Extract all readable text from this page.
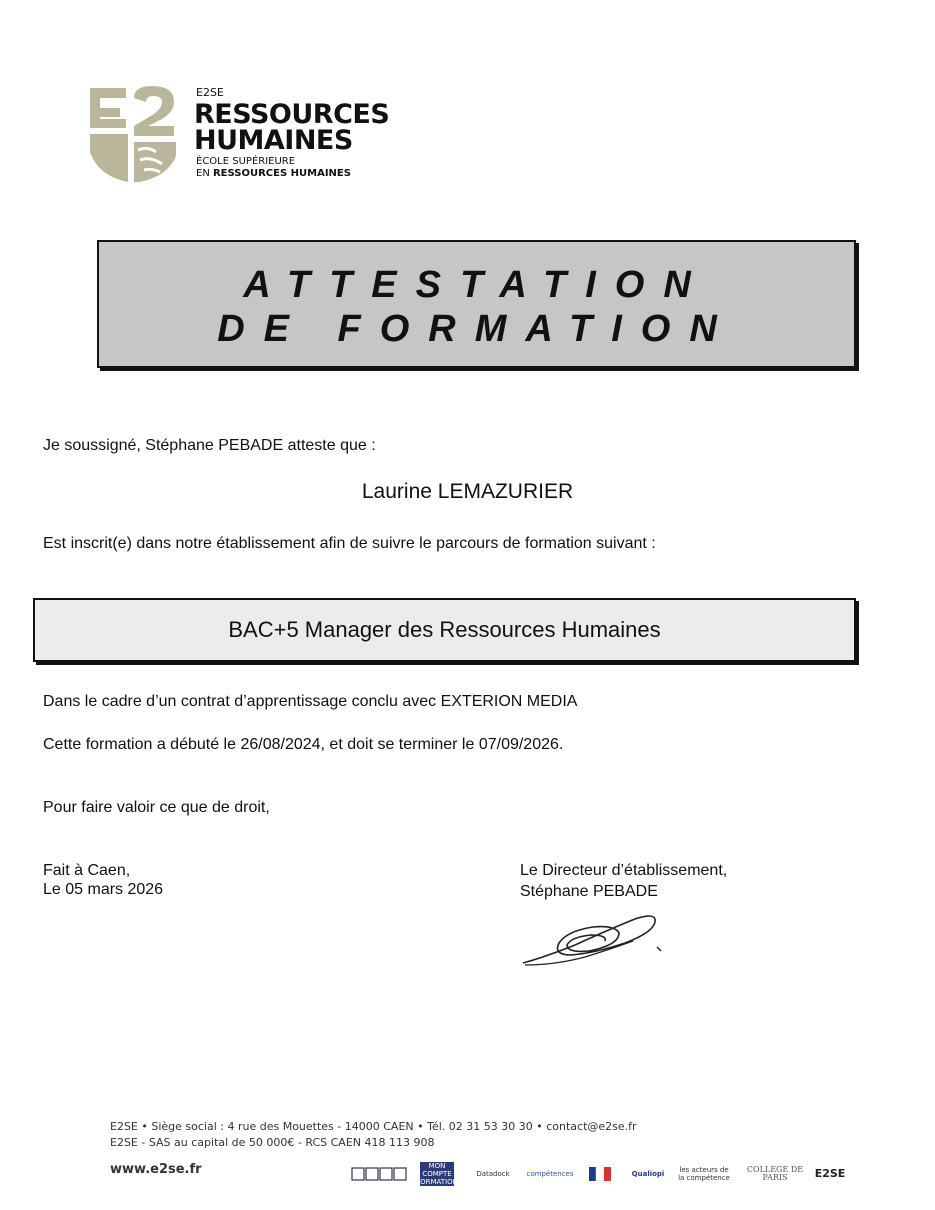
E2SE
RESSOURCES
HUMAINES
ÉCOLE SUPÉRIEURE
EN RESSOURCES HUMAINES
ATTESTATION
DE FORMATION
Je soussigné, Stéphane PEBADE atteste que :
Laurine LEMAZURIER
Est inscrit(e) dans notre établissement afin de suivre le parcours de formation suivant :
BAC+5 Manager des Ressources Humaines
Dans le cadre d’un contrat d’apprentissage conclu avec EXTERION MEDIA
Cette formation a débuté le 26/08/2024, et doit se terminer le 07/09/2026.
Pour faire valoir ce que de droit,
Fait à Caen,
Le 05 mars 2026
Le Directeur d’établissement,
Stéphane PEBADE
E2SE • Siège social : 4 rue des Mouettes - 14000 CAEN • Tél. 02 31 53 30 30 • contact@e2se.fr
E2SE - SAS au capital de 50 000€ - RCS CAEN 418 113 908
www.e2se.fr	MON COMPTE FORMATION
Datadock	compétences	Qualiopi	les acteurs de la compétence
COLLEGE DE PARIS	E2SE
